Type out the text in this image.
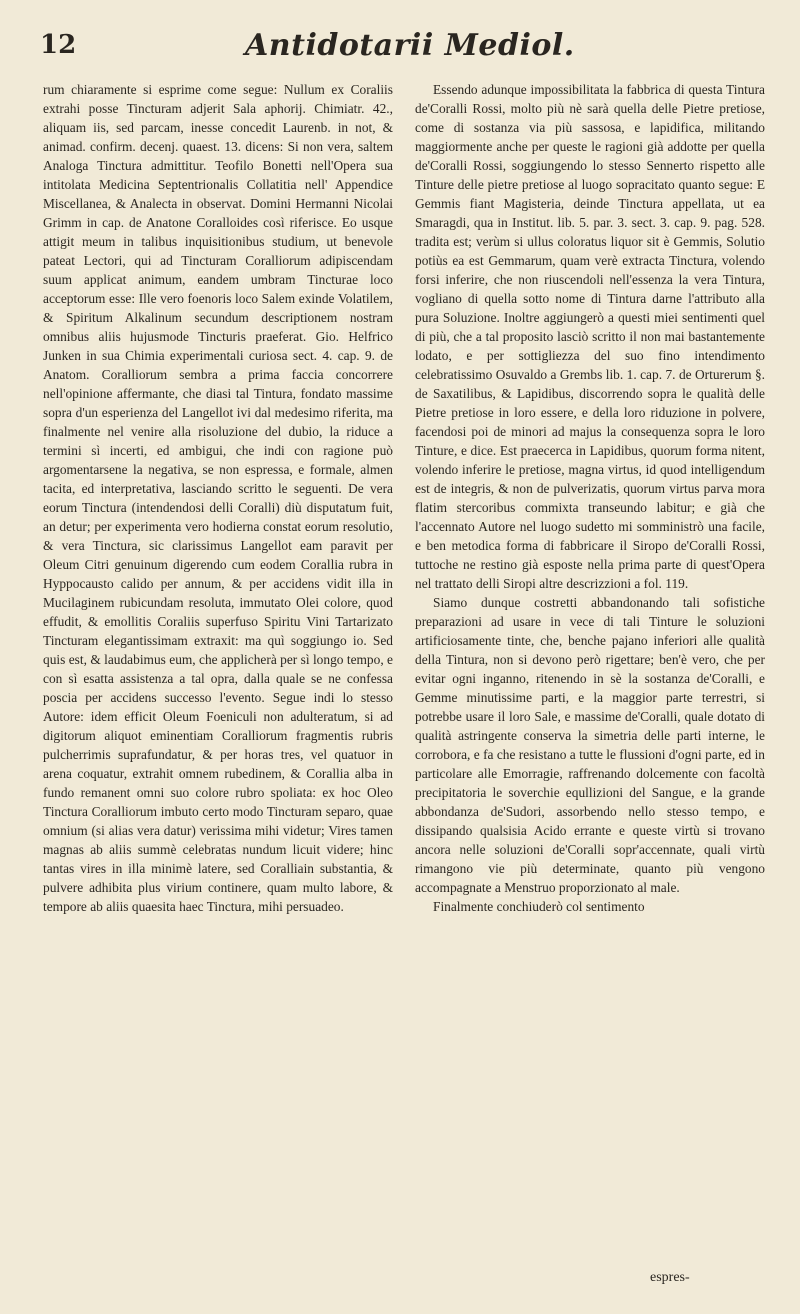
12	Antidotarii Mediol.

rum chiaramente si esprime come segue: Nullum ex Coraliis extrahi posse Tincturam adjerit Sala aphorij. Chimiatr. 42., aliquam iis, sed parcam, inesse concedit Laurenb. in not, & animad. confirm. decenj. quaest. 13. dicens: Si non vera, saltem Analoga Tinctura admittitur. Teofilo Bonetti nell'Opera sua intitolata Medicina Septentrionalis Collatitia nell' Appendice Miscellanea, & Analecta in observat. Domini Hermanni Nicolai Grimm in cap. de Anatone Coralloides così riferisce. Eo usque attigit meum in talibus inquisitionibus studium, ut benevole pateat Lectori, qui ad Tincturam Coralliorum adipiscendam suum applicat animum, eandem umbram Tincturae loco acceptorum esse: Ille vero foenoris loco Salem exinde Volatilem, & Spiritum Alkalinum secundum descriptionem nostram omnibus aliis hujusmode Tincturis praeferat. Gio. Helfrico Junken in sua Chimia experimentali curiosa sect. 4. cap. 9. de Anatom. Coralliorum sembra a prima faccia concorrere nell'opinione affermante, che diasi tal Tintura, fondato massime sopra d'un esperienza del Langellot ivi dal medesimo riferita, ma finalmente nel venire alla risoluzione del dubio, la riduce a termini sì incerti, ed ambigui, che indi con ragione può argomentarsene la negativa, se non espressa, e formale, almen tacita, ed interpretativa, lasciando scritto le seguenti. De vera eorum Tinctura (intendendosi delli Coralli) diù disputatum fuit, an detur; per experimenta vero hodierna constat eorum resolutio, & vera Tinctura, sic clarissimus Langellot eam paravit per Oleum Citri genuinum digerendo cum eodem Corallia rubra in Hyppocausto calido per annum, & per accidens vidit illa in Mucilaginem rubicundam resoluta, immutato Olei colore, quod effudit, & emollitis Coraliis superfuso Spiritu Vini Tartarizato Tincturam elegantissimam extraxit: ma quì soggiungo io. Sed quis est, & laudabimus eum, che applicherà per sì longo tempo, e con sì esatta assistenza a tal opra, dalla quale se ne confessa poscia per accidens successo l'evento. Segue indi lo stesso Autore: idem efficit Oleum Foeniculi non adulteratum, si ad digitorum aliquot eminentiam Coralliorum fragmentis rubris pulcherrimis suprafundatur, & per horas tres, vel quatuor in arena coquatur, extrahit omnem rubedinem, & Corallia alba in fundo remanent omni suo colore rubro spoliata: ex hoc Oleo Tinctura Coralliorum imbuto certo modo Tincturam separo, quae omnium (si alias vera datur) verissima mihi videtur; Vires tamen magnas ab aliis summè celebratas nundum licuit videre; hinc tantas vires in illa minimè latere, sed Coralliain substantia, & pulvere adhibita plus virium continere, quam multo labore, & tempore ab aliis quaesita haec Tinctura, mihi persuadeo.

Essendo adunque impossibilitata la fabbrica di questa Tintura de'Coralli Rossi, molto più nè sarà quella delle Pietre pretiose, come di sostanza via più sassosa, e lapidifica, militando maggiormente anche per queste le ragioni già addotte per quella de'Coralli Rossi, soggiungendo lo stesso Sennerto rispetto alle Tinture delle pietre pretiose al luogo sopracitato quanto segue: E Gemmis fiant Magisteria, deinde Tinctura appellata, ut ea Smaragdi, qua in Institut. lib. 5. par. 3. sect. 3. cap. 9. pag. 528. tradita est; verùm si ullus coloratus liquor sit è Gemmis, Solutio potiùs ea est Gemmarum, quam verè extracta Tinctura, volendo forsi inferire, che non riuscendoli nell'essenza la vera Tintura, vogliano di quella sotto nome di Tintura darne l'attributo alla pura Soluzione. Inoltre aggiungerò a questi miei sentimenti quel di più, che a tal proposito lasciò scritto il non mai bastantemente lodato, e per sottigliezza del suo fino intendimento celebratissimo Osuvaldo a Grembs lib. 1. cap. 7. de Orturerum §. de Saxatilibus, & Lapidibus, discorrendo sopra le qualità delle Pietre pretiose in loro essere, e della loro riduzione in polvere, facendosi poi de minori ad majus la consequenza sopra le loro Tinture, e dice. Est praecerca in Lapidibus, quorum forma nitent, volendo inferire le pretiose, magna virtus, id quod intelligendum est de integris, & non de pulverizatis, quorum virtus parva mora flatim stercoribus commixta transeundo labitur; e già che l'accennato Autore nel luogo sudetto mi somministrò una facile, e ben metodica forma di fabbricare il Siropo de'Coralli Rossi, tuttoche ne restino già esposte nella prima parte di quest'Opera nel trattato delli Siropi altre descrizzioni a fol. 119.

Siamo dunque costretti abbandonando tali sofistiche preparazioni ad usare in vece di tali Tinture le soluzioni artificiosamente tinte, che, benche pajano inferiori alle qualità della Tintura, non si devono però rigettare; ben'è vero, che per evitar ogni inganno, ritenendo in sè la sostanza de'Coralli, e Gemme minutissime parti, e la maggior parte terrestri, si potrebbe usare il loro Sale, e massime de'Coralli, quale dotato di qualità astringente conserva la simetria delle parti interne, le corrobora, e fa che resistano a tutte le flussioni d'ogni parte, ed in particolare alle Emorragie, raffrenando dolcemente con facoltà precipitatoria le soverchie equllizioni del Sangue, e la grande abbondanza de'Sudori, assorbendo nello stesso tempo, e dissipando qualsisia Acido errante e queste virtù si trovano ancora nelle soluzioni de'Coralli sopr'accennate, quali virtù rimangono vie più determinate, quanto più vengono accompagnate a Menstruo proporzionato al male.

Finalmente conchiuderò col sentimento

espres-
